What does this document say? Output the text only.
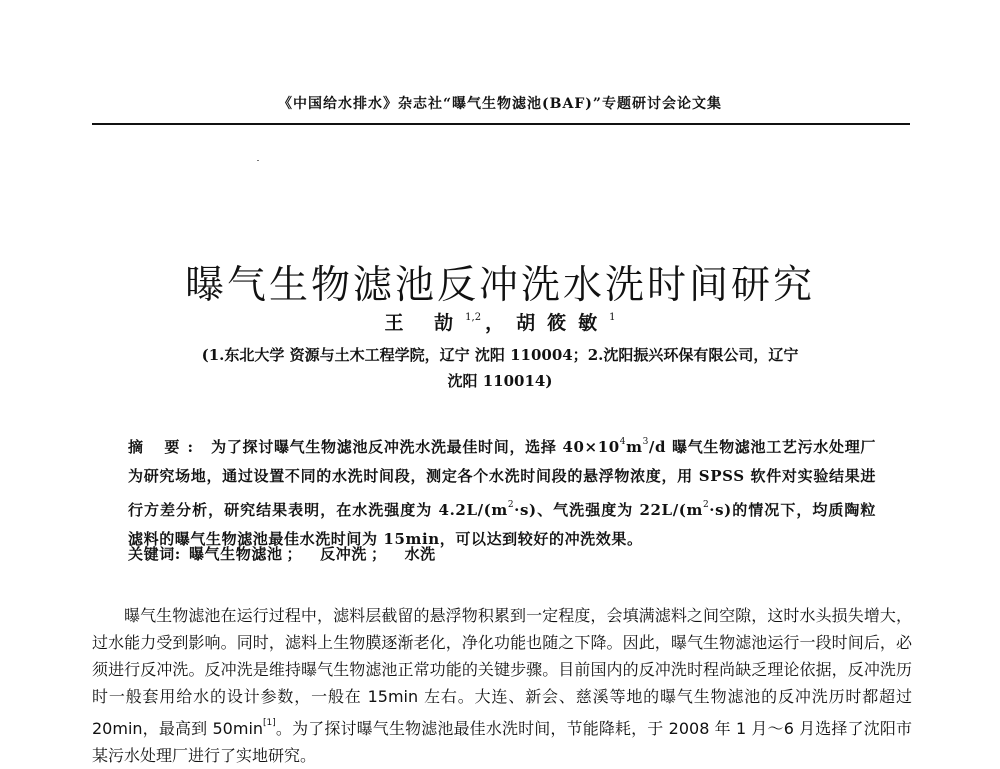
《中国给水排水》杂志社“曝气生物滤池(BAF)”专题研讨会论文集
曝气生物滤池反冲洗水洗时间研究
王 劼$^{1,2}$ ， 胡筱敏$^1$
(1.东北大学 资源与土木工程学院，辽宁 沈阳 110004；2.沈阳振兴环保有限公司，辽宁
沈阳 110014)
摘 要: 为了探讨曝气生物滤池反冲洗水洗最佳时间，选择 $40\times 10^4m^3/d$ 曝气生物滤池工艺污水处理厂为研究场地，通过设置不同的水洗时间段，测定各个水洗时间段的悬浮物浓度，用 SPSS 软件对实验结果进行方差分析，研究结果表明，在水洗强度为 $4.2L/(m^2\cdot s)$、气洗强度为 $22L/(m^2\cdot s)$的情况下，均质陶粒滤料的曝气生物滤池最佳水洗时间为 15min，可以达到较好的冲洗效果。
关键词: 曝气生物滤池 ； 反冲洗 ； 水洗

曝气生物滤池在运行过程中，滤料层截留的悬浮物积累到一定程度，会填满滤料之间空隙，这时水头损失增大，过水能力受到影响。同时，滤料上生物膜逐渐老化，净化功能也随之下降。因此，曝气生物滤池运行一段时间后，必须进行反冲洗。反冲洗是维持曝气生物滤池正常功能的关键步骤。目前国内的反冲洗时程尚缺乏理论依据，反冲洗历时一般套用给水的设计参数，一般在 15min 左右。大连、新会、慈溪等地的曝气生物滤池的反冲洗历时都超过 20min，最高到 50min[1]。为了探讨曝气生物滤池最佳水洗时间，节能降耗，于 2008 年 1 月～6 月选择了沈阳市某污水处理厂进行了实地研究。
